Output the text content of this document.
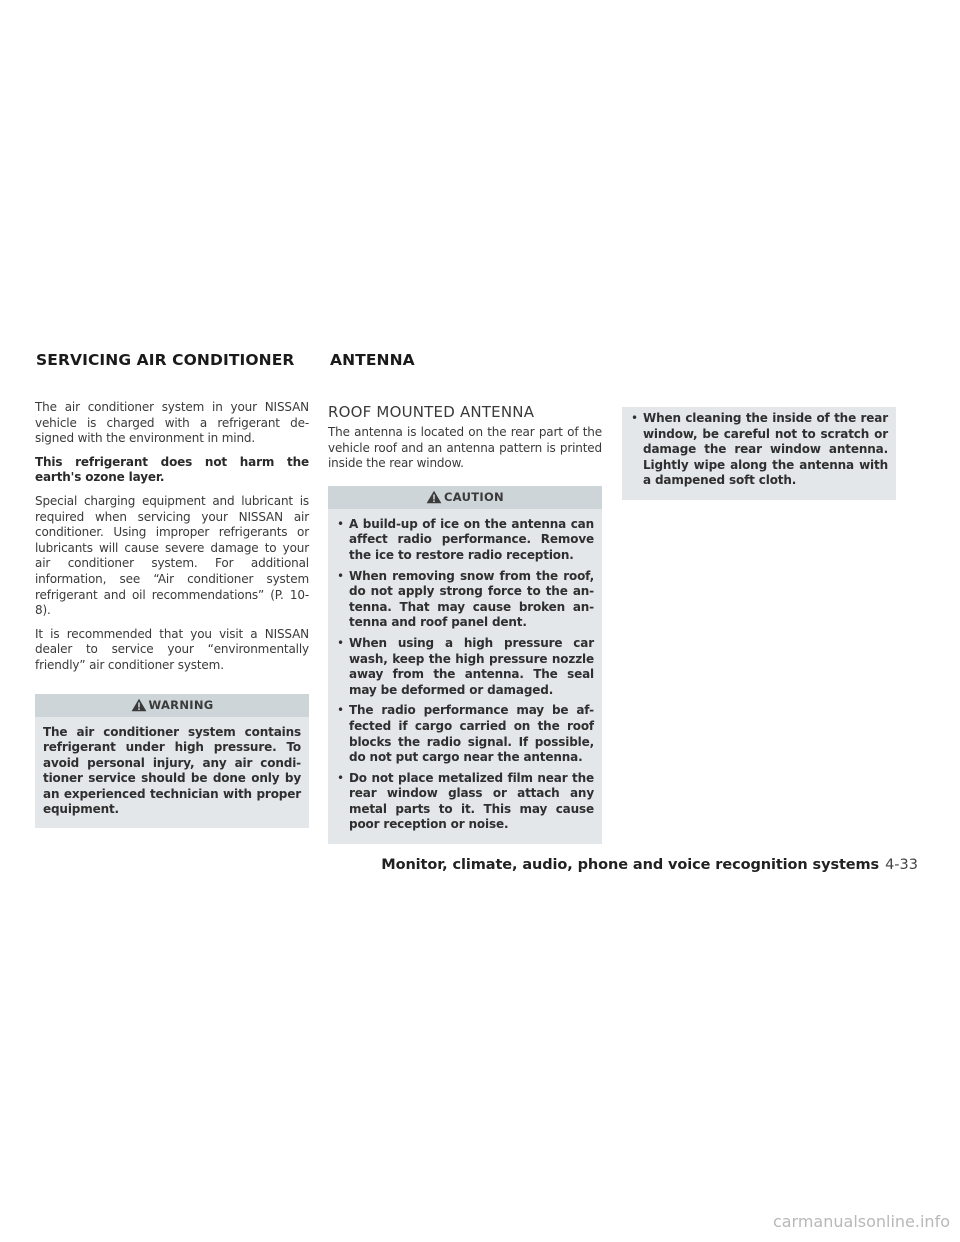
SERVICING AIR CONDITIONER ANTENNA

The air conditioner system in your NISSAN vehicle is charged with a refrigerant de- signed with the environment in mind.

This refrigerant does not harm the earth's ozone layer.

Special charging equipment and lubricant is required when servicing your NISSAN air conditioner. Using improper refrigerants or lubricants will cause severe damage to your air conditioner system. For additional information, see “Air conditioner system refrigerant and oil recommendations” (P. 10-8).

It is recommended that you visit a NISSAN dealer to service your “environmentally friendly” air conditioner system.

WARNING

The air conditioner system contains refrigerant under high pressure. To avoid personal injury, any air condi- tioner service should be done only by an experienced technician with proper equipment.

ROOF MOUNTED ANTENNA

The antenna is located on the rear part of the vehicle roof and an antenna pattern is printed inside the rear window.

CAUTION
• A build-up of ice on the antenna can affect radio performance. Remove the ice to restore radio reception.
• When removing snow from the roof, do not apply strong force to the an- tenna. That may cause broken an- tenna and roof panel dent.
• When using a high pressure car wash, keep the high pressure nozzle away from the antenna. The seal may be deformed or damaged.
• The radio performance may be af- fected if cargo carried on the roof blocks the radio signal. If possible, do not put cargo near the antenna.
• Do not place metalized film near the rear window glass or attach any metal parts to it. This may cause poor reception or noise.
• When cleaning the inside of the rear window, be careful not to scratch or damage the rear window antenna. Lightly wipe along the antenna with a dampened soft cloth.
Monitor, climate, audio, phone and voice recognition systems 4-33
carmanualsonline.info
